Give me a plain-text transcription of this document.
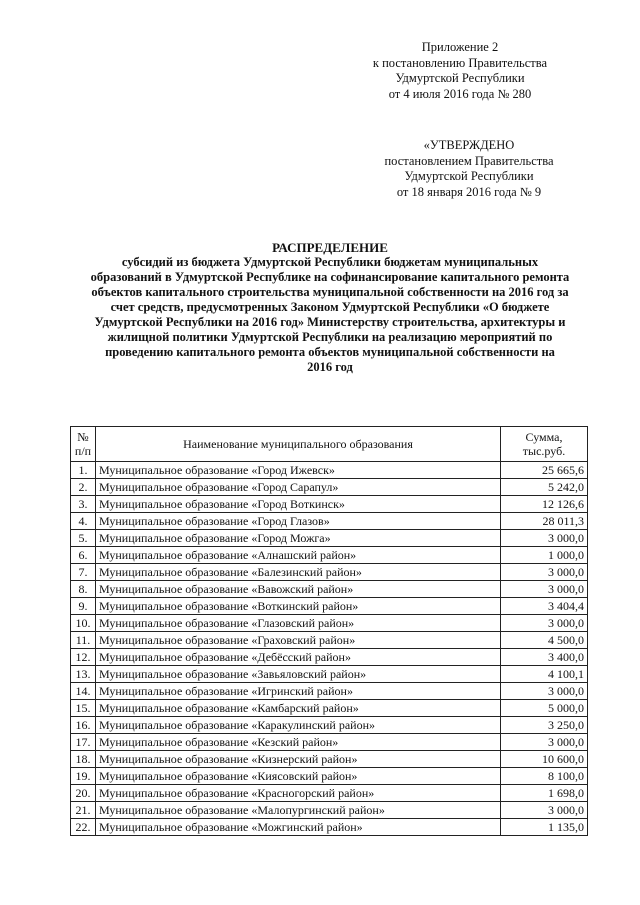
Приложение 2
к постановлению Правительства
Удмуртской Республики
от 4 июля 2016 года № 280
«УТВЕРЖДЕНО
постановлением Правительства
Удмуртской Республики
от 18 января 2016 года № 9
РАСПРЕДЕЛЕНИЕ
субсидий из бюджета Удмуртской Республики бюджетам муниципальных
образований в Удмуртской Республике на софинансирование капитального ремонта
объектов капитального строительства муниципальной собственности на 2016 год за
счет средств, предусмотренных Законом Удмуртской Республики «О бюджете
Удмуртской Республики на 2016 год» Министерству строительства, архитектуры и
жилищной политики Удмуртской Республики на реализацию мероприятий по
проведению капитального ремонта объектов муниципальной собственности на
2016 год
№
п/п	Наименование муниципального образования	Сумма,
тыс.руб.
1.	Муниципальное образование «Город Ижевск»	25 665,6
2.	Муниципальное образование «Город Сарапул»	5 242,0
3.	Муниципальное образование «Город Воткинск»	12 126,6
4.	Муниципальное образование «Город Глазов»	28 011,3
5.	Муниципальное образование «Город Можга»	3 000,0
6.	Муниципальное образование «Алнашский район»	1 000,0
7.	Муниципальное образование «Балезинский район»	3 000,0
8.	Муниципальное образование «Вавожский район»	3 000,0
9.	Муниципальное образование «Воткинский район»	3 404,4
10.	Муниципальное образование «Глазовский район»	3 000,0
11.	Муниципальное образование «Граховский район»	4 500,0
12.	Муниципальное образование «Дебёсский район»	3 400,0
13.	Муниципальное образование «Завьяловский район»	4 100,1
14.	Муниципальное образование «Игринский район»	3 000,0
15.	Муниципальное образование «Камбарский район»	5 000,0
16.	Муниципальное образование «Каракулинский район»	3 250,0
17.	Муниципальное образование «Кезский район»	3 000,0
18.	Муниципальное образование «Кизнерский район»	10 600,0
19.	Муниципальное образование «Киясовский район»	8 100,0
20.	Муниципальное образование «Красногорский район»	1 698,0
21.	Муниципальное образование «Малопургинский район»	3 000,0
22.	Муниципальное образование «Можгинский район»	1 135,0
